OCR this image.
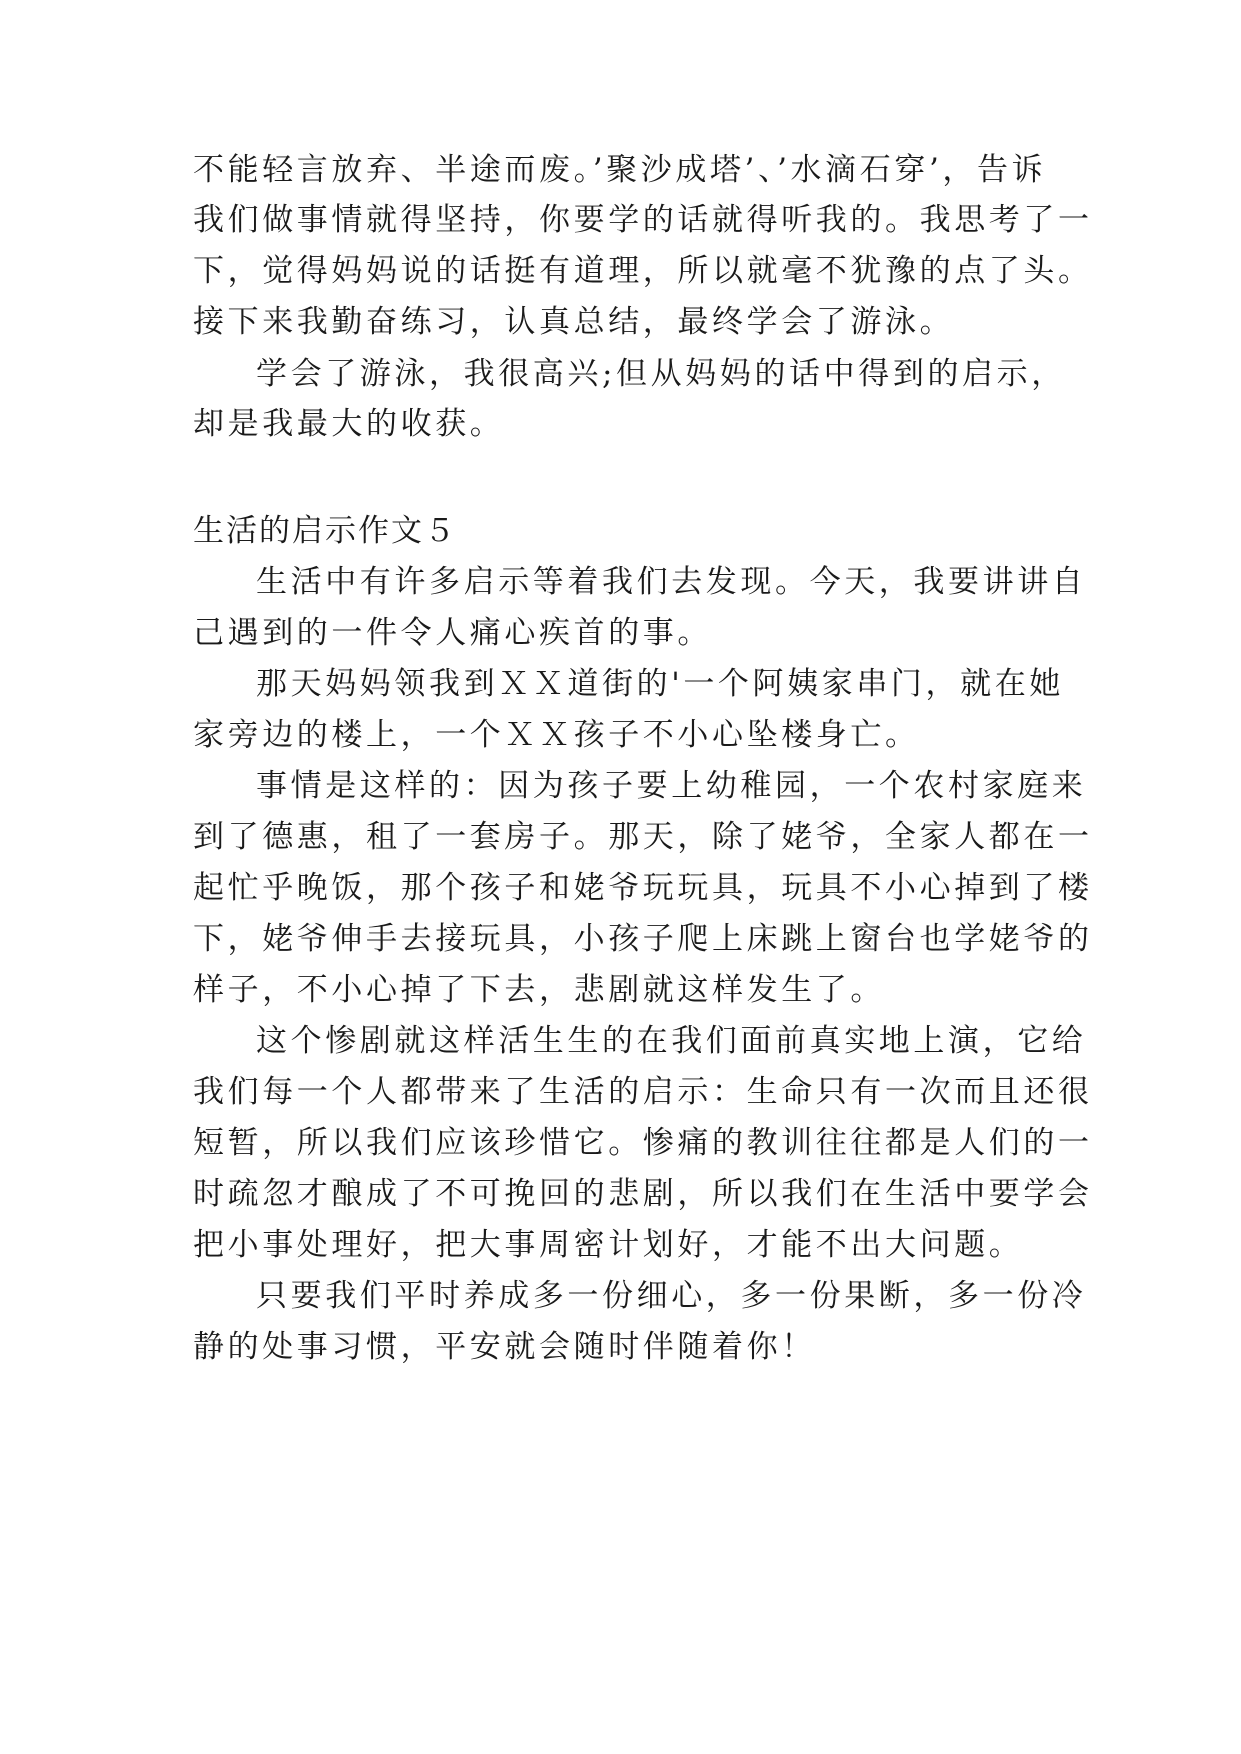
不能轻言放弃、半途而废。’聚沙成塔’、’水滴石穿’，告诉
我们做事情就得坚持，你要学的话就得听我的。我思考了一
下，觉得妈妈说的话挺有道理，所以就毫不犹豫的点了头。
接下来我勤奋练习，认真总结，最终学会了游泳。
学会了游泳，我很高兴;但从妈妈的话中得到的启示，
却是我最大的收获。
生活的启示作文５
生活中有许多启示等着我们去发现。今天，我要讲讲自
己遇到的一件令人痛心疾首的事。
那天妈妈领我到ＸＸ道街的'一个阿姨家串门，就在她
家旁边的楼上，一个ＸＸ孩子不小心坠楼身亡。
事情是这样的：因为孩子要上幼稚园，一个农村家庭来
到了德惠，租了一套房子。那天，除了姥爷，全家人都在一
起忙乎晚饭，那个孩子和姥爷玩玩具，玩具不小心掉到了楼
下，姥爷伸手去接玩具，小孩子爬上床跳上窗台也学姥爷的
样子，不小心掉了下去，悲剧就这样发生了。
这个惨剧就这样活生生的在我们面前真实地上演，它给
我们每一个人都带来了生活的启示：生命只有一次而且还很
短暂，所以我们应该珍惜它。惨痛的教训往往都是人们的一
时疏忽才酿成了不可挽回的悲剧，所以我们在生活中要学会
把小事处理好，把大事周密计划好，才能不出大问题。
只要我们平时养成多一份细心，多一份果断，多一份冷
静的处事习惯，平安就会随时伴随着你！
